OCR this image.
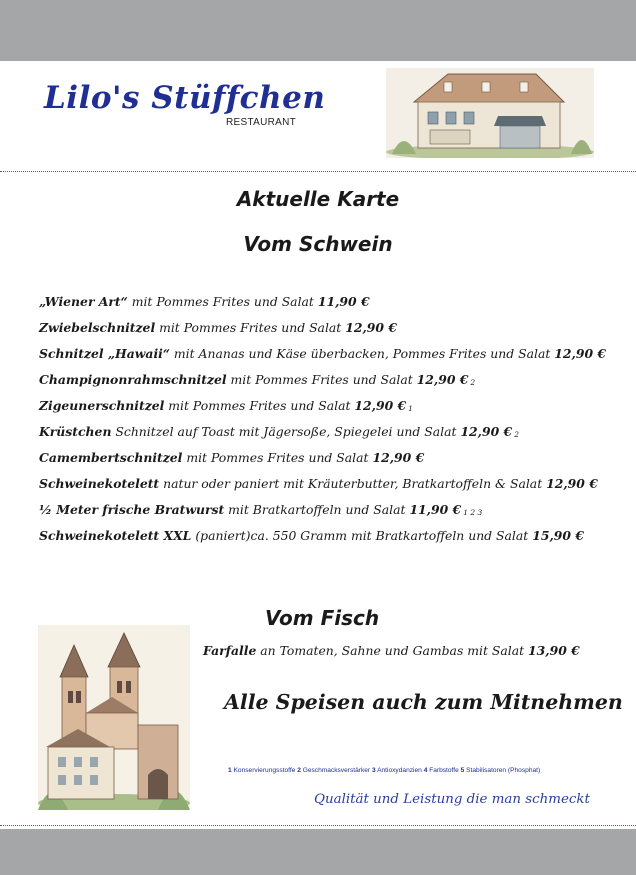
Lilo's Stüffchen
RESTAURANT
Aktuelle Karte
Vom Schwein
„Wiener Art“ mit Pommes Frites und Salat 11,90 €
Zwiebelschnitzel mit Pommes Frites und Salat 12,90 €
Schnitzel „Hawaii“ mit Ananas und Käse überbacken, Pommes Frites und Salat 12,90 €
Champignonrahmschnitzel mit Pommes Frites und Salat 12,90 € 2
Zigeunerschnitzel mit Pommes Frites und Salat 12,90 € 1
Krüstchen Schnitzel auf Toast mit Jägersoße, Spiegelei und Salat 12,90 € 2
Camembertschnitzel mit Pommes Frites und Salat 12,90 €
Schweinekotelett natur oder paniert mit Kräuterbutter, Bratkartoffeln & Salat 12,90 €
½ Meter frische Bratwurst mit Bratkartoffeln und Salat 11,90 € 1 2 3
Schweinekotelett XXL (paniert)ca. 550 Gramm mit Bratkartoffeln und Salat 15,90 €
Vom Fisch
Farfalle an Tomaten, Sahne und Gambas mit Salat 13,90 €
Alle Speisen auch zum Mitnehmen
1 Konservierungsstoffe 2 Geschmacksverstärker 3 Antioxydanzien 4 Farbstoffe 5 Stabilisatoren (Phosphat)
Qualität und Leistung die man schmeckt
